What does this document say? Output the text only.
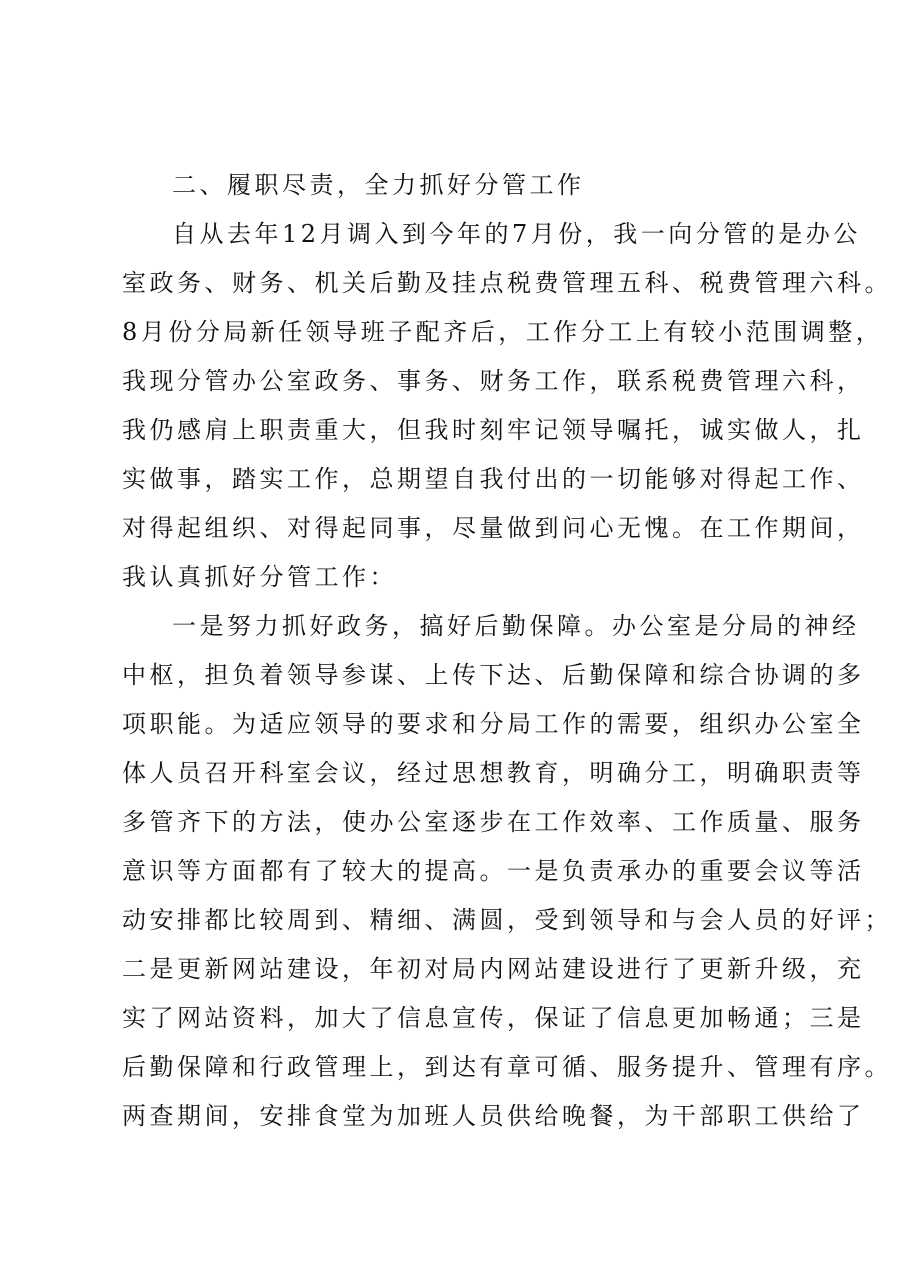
二、履职尽责，全力抓好分管工作
自从去年12月调入到今年的7月份，我一向分管的是办公
室政务、财务、机关后勤及挂点税费管理五科、税费管理六科。
8月份分局新任领导班子配齐后，工作分工上有较小范围调整，
我现分管办公室政务、事务、财务工作，联系税费管理六科，
我仍感肩上职责重大，但我时刻牢记领导嘱托，诚实做人，扎
实做事，踏实工作，总期望自我付出的一切能够对得起工作、
对得起组织、对得起同事，尽量做到问心无愧。在工作期间，
我认真抓好分管工作：
一是努力抓好政务，搞好后勤保障。办公室是分局的神经
中枢，担负着领导参谋、上传下达、后勤保障和综合协调的多
项职能。为适应领导的要求和分局工作的需要，组织办公室全
体人员召开科室会议，经过思想教育，明确分工，明确职责等
多管齐下的方法，使办公室逐步在工作效率、工作质量、服务
意识等方面都有了较大的提高。一是负责承办的重要会议等活
动安排都比较周到、精细、满圆，受到领导和与会人员的好评；
二是更新网站建设，年初对局内网站建设进行了更新升级，充
实了网站资料，加大了信息宣传，保证了信息更加畅通；三是
后勤保障和行政管理上，到达有章可循、服务提升、管理有序。
两查期间，安排食堂为加班人员供给晚餐，为干部职工供给了
